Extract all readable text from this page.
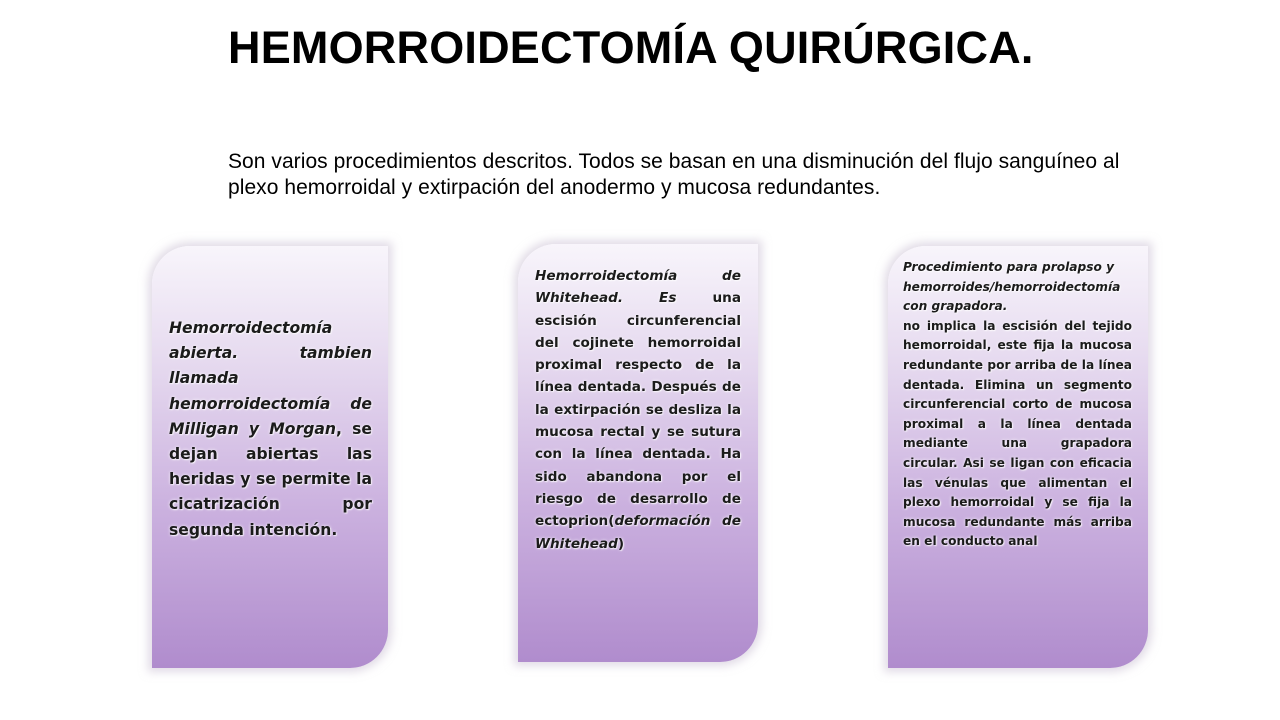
HEMORROIDECTOMÍA QUIRÚRGICA.

Son varios procedimientos descritos. Todos se basan en una disminución del flujo sanguíneo al plexo hemorroidal y extirpación del anodermo y mucosa redundantes.

Hemorroidectomía abierta. tambien llamada hemorroidectomía de Milligan y Morgan, se dejan abiertas las heridas y se permite la cicatrización por segunda intención.

Hemorroidectomía de Whitehead. Es una escisión circunferencial del cojinete hemorroidal proximal respecto de la línea dentada. Después de la extirpación se desliza la mucosa rectal y se sutura con la línea dentada. Ha sido abandona por el riesgo de desarrollo de ectoprion(deformación de Whitehead)

Procedimiento para prolapso y hemorroides/hemorroidectomía con grapadora.

no implica la escisión del tejido hemorroidal, este fija la mucosa redundante por arriba de la línea dentada. Elimina un segmento circunferencial corto de mucosa proximal a la línea dentada mediante una grapadora circular. Asi se ligan con eficacia las vénulas que alimentan el plexo hemorroidal y se fija la mucosa redundante más arriba en el conducto anal
